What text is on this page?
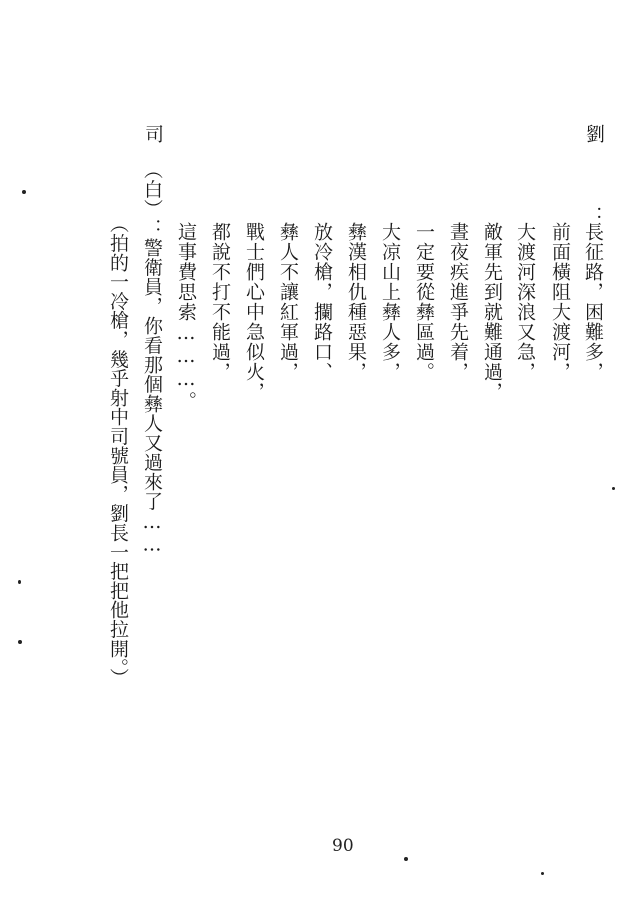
劉
：
長征路，困難多，
前面橫阻大渡河，
大渡河深浪又急，
敵軍先到就難通過，
晝夜疾進爭先着，
一定要從彝區過。
大凉山上彝人多，
彝漢相仇種惡果，
放冷槍，攔路口、
彝人不讓紅軍過，
戰士們心中急似火，
都說不打不能過，
這事費思索………。
司
（白）：警衛員，你看那個彝人又過來了……
（拍的一冷槍，幾乎射中司號員，劉長一把把他拉開。）
90
